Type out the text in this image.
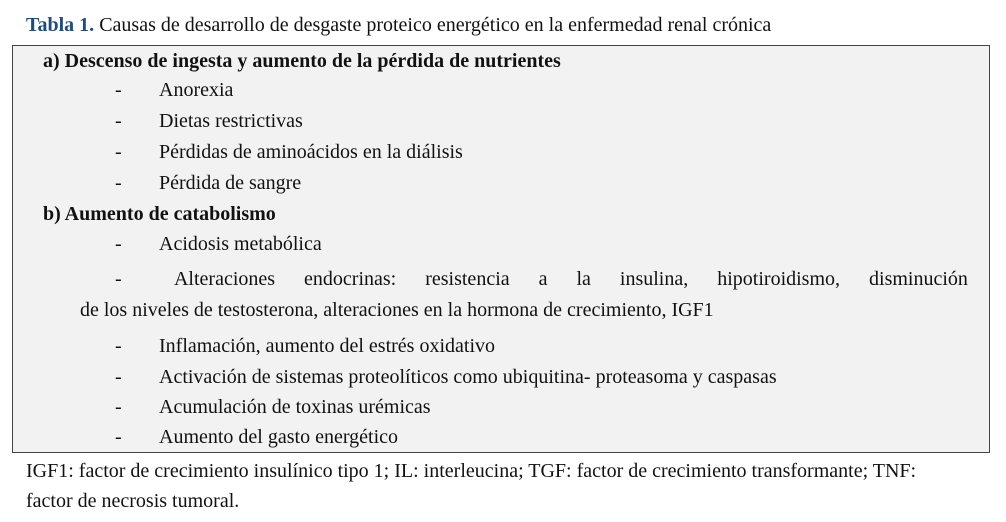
Tabla 1. Causas de desarrollo de desgaste proteico energético en la enfermedad renal crónica
a) Descenso de ingesta y aumento de la pérdida de nutrientes
- Anorexia
- Dietas restrictivas
- Pérdidas de aminoácidos en la diálisis
- Pérdida de sangre
b) Aumento de catabolismo
- Acidosis metabólica
-	Alteraciones endocrinas: resistencia a la insulina, hipotiroidismo, disminución
de los niveles de testosterona, alteraciones en la hormona de crecimiento, IGF1
- Inflamación, aumento del estrés oxidativo
- Activación de sistemas proteolíticos como ubiquitina- proteasoma y caspasas
- Acumulación de toxinas urémicas
- Aumento del gasto energético
IGF1: factor de crecimiento insulínico tipo 1; IL: interleucina; TGF: factor de crecimiento transformante; TNF: factor de necrosis tumoral.
